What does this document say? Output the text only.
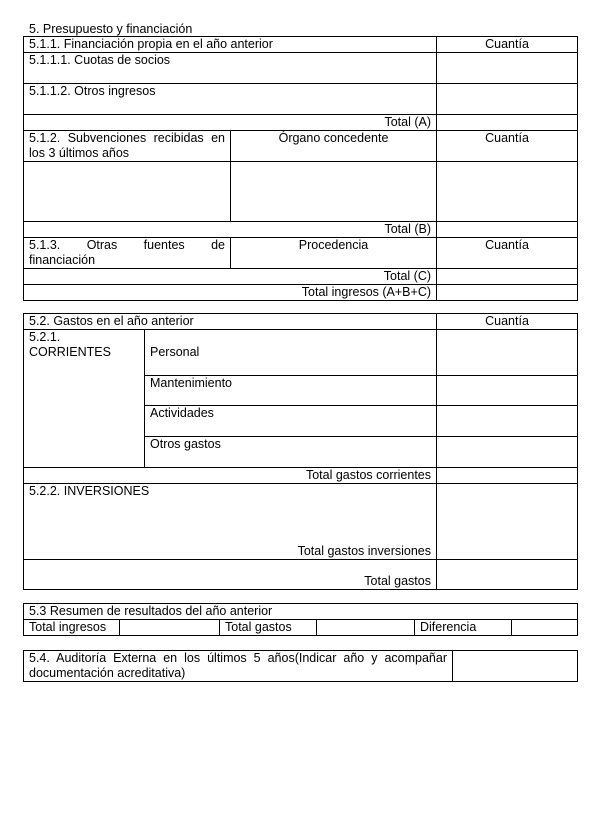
5. Presupuesto y financiación
5.1.1. Financiación propia en el año anterior		Cuantía
5.1.1.1. Cuotas de socios		
5.1.1.2. Otros ingresos		
Total (A)		

5.1.2. Subvenciones recibidas en
los 3 últimos años	Órgano concedente	Cuantía

Total (B)		

5.1.3. Otras fuentes de
financiación	Procedencia	Cuantía
Total (C)		
Total ingresos (A+B+C)		
5.2. Gastos en el año anterior		Cuantía

5.2.1.
CORRIENTES	Personal	
	Mantenimiento	
	Actividades	
	Otros gastos	
Total gastos corrientes		

5.2.2. INVERSIONES
Total gastos inversiones		

Total gastos		
5.3 Resumen de resultados del año anterior
Total ingresos		Total gastos		Diferencia	
5.4. Auditoría Externa en los últimos 5 años(Indicar año y acompañar
documentación acreditativa)
